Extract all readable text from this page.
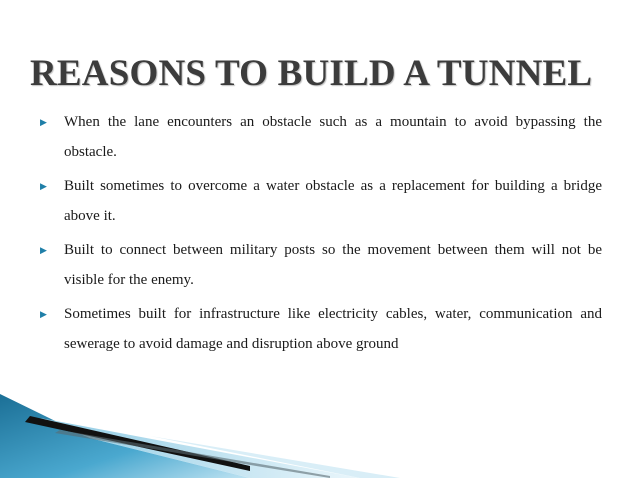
REASONS TO BUILD A TUNNEL
▶ When the lane encounters an obstacle such as a mountain to avoid bypassing the obstacle.
▶ Built sometimes to overcome a water obstacle as a replacement for building a bridge above it.
▶ Built to connect between military posts so the movement between them will not be visible for the enemy.
▶ Sometimes built for infrastructure like electricity cables, water, communication and sewerage to avoid damage and disruption above ground
